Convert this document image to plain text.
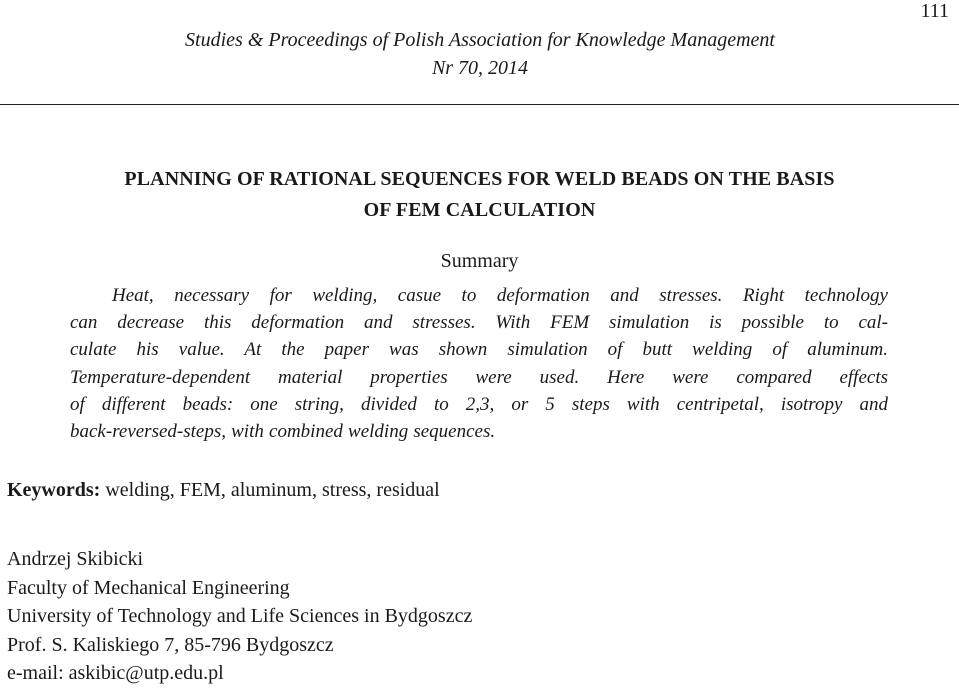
111
Studies & Proceedings of Polish Association for Knowledge Management
Nr 70, 2014
PLANNING OF RATIONAL SEQUENCES FOR WELD BEADS ON THE BASIS
OF FEM CALCULATION
Summary
Heat, necessary for welding, casue to deformation and stresses. Right technology
can decrease this deformation and stresses. With FEM simulation is possible to cal-
culate his value. At the paper was shown simulation of butt welding of aluminum.
Temperature-dependent material properties were used. Here were compared effects
of different beads: one string, divided to 2,3, or 5 steps with centripetal, isotropy and
back-reversed-steps, with combined welding sequences.
Keywords: welding, FEM, aluminum, stress, residual
Andrzej Skibicki
Faculty of Mechanical Engineering
University of Technology and Life Sciences in Bydgoszcz
Prof. S. Kaliskiego 7, 85-796 Bydgoszcz
e-mail: askibic@utp.edu.pl
